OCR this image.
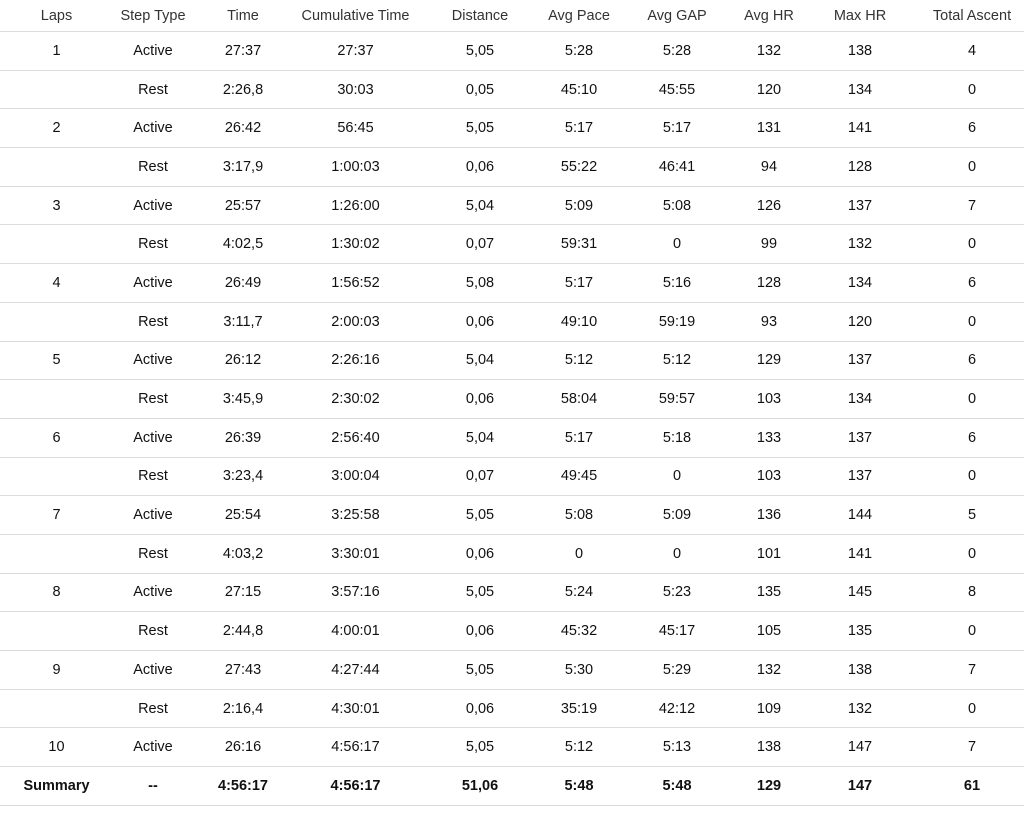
Laps	Step Type	Time	Cumulative Time	Distance	Avg Pace	Avg GAP	Avg HR	Max HR	Total Ascent
1	Active	27:37	27:37	5,05	5:28	5:28	132	138	4
	Rest	2:26,8	30:03	0,05	45:10	45:55	120	134	0
2	Active	26:42	56:45	5,05	5:17	5:17	131	141	6
	Rest	3:17,9	1:00:03	0,06	55:22	46:41	94	128	0
3	Active	25:57	1:26:00	5,04	5:09	5:08	126	137	7
	Rest	4:02,5	1:30:02	0,07	59:31	0	99	132	0
4	Active	26:49	1:56:52	5,08	5:17	5:16	128	134	6
	Rest	3:11,7	2:00:03	0,06	49:10	59:19	93	120	0
5	Active	26:12	2:26:16	5,04	5:12	5:12	129	137	6
	Rest	3:45,9	2:30:02	0,06	58:04	59:57	103	134	0
6	Active	26:39	2:56:40	5,04	5:17	5:18	133	137	6
	Rest	3:23,4	3:00:04	0,07	49:45	0	103	137	0
7	Active	25:54	3:25:58	5,05	5:08	5:09	136	144	5
	Rest	4:03,2	3:30:01	0,06	0	0	101	141	0
8	Active	27:15	3:57:16	5,05	5:24	5:23	135	145	8
	Rest	2:44,8	4:00:01	0,06	45:32	45:17	105	135	0
9	Active	27:43	4:27:44	5,05	5:30	5:29	132	138	7
	Rest	2:16,4	4:30:01	0,06	35:19	42:12	109	132	0
10	Active	26:16	4:56:17	5,05	5:12	5:13	138	147	7
Summary	--	4:56:17	4:56:17	51,06	5:48	5:48	129	147	61
